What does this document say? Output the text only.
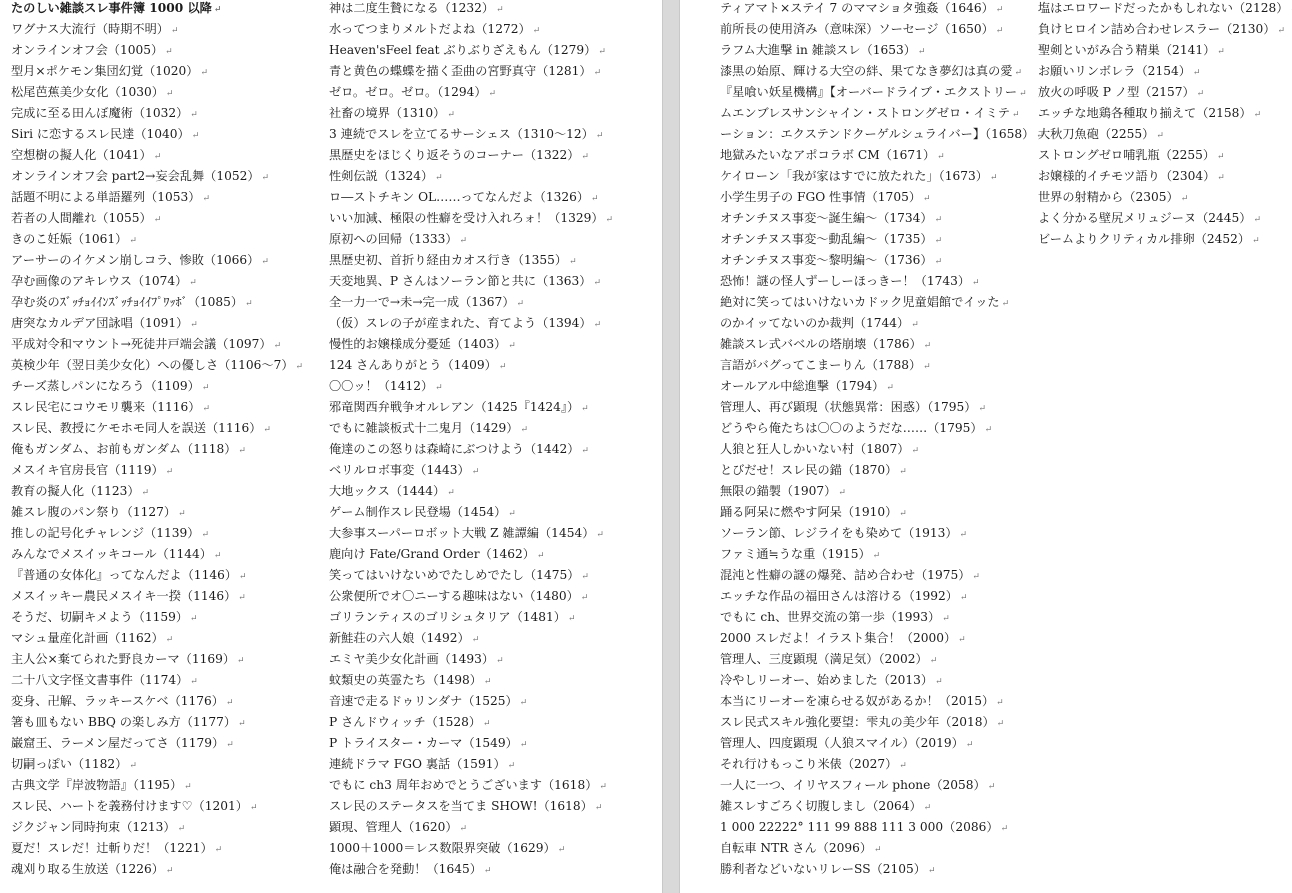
たのしい雑談スレ事件簿 1000 以降 ↵
ワグナス大流行（時期不明） ↵
オンラインオフ会（1005） ↵
型月×ポケモン集団幻覚（1020） ↵
松尾芭蕉美少女化（1030） ↵
完成に至る田んぼ魔術（1032） ↵
Siri に恋するスレ民達（1040） ↵
空想樹の擬人化（1041） ↵
オンラインオフ会 part2→妄会乱舞（1052） ↵
話題不明による単語羅列（1053） ↵
若者の人間離れ（1055） ↵
きのこ妊娠（1061） ↵
アーサーのイケメン崩しコラ、惨敗（1066） ↵
孕む画像のアキレウス（1074） ↵
孕む炎のｽﾞｯﾁｮｲｲﾝｽﾞｯﾁｮｲｲﾌﾟﾜｯﾎﾞ（1085） ↵
唐突なカルデア団詠唱（1091） ↵
平成対令和マウント→死徒井戸端会議（1097） ↵
英検少年（翌日美少女化）への優しさ（1106～7） ↵
チーズ蒸しパンになろう（1109） ↵
スレ民宅にコウモリ襲来（1116） ↵
スレ民、教授にケモホモ同人を誤送（1116） ↵
俺もガンダム、お前もガンダム（1118） ↵
メスイキ官房長官（1119） ↵
教育の擬人化（1123） ↵
雑スレ腹のパン祭り（1127） ↵
推しの記号化チャレンジ（1139） ↵
みんなでメスイッキコール（1144） ↵
『普通の女体化』ってなんだよ（1146） ↵
メスイッキー農民メスイキ一揆（1146） ↵
そうだ、切嗣キメよう（1159） ↵
マシュ量産化計画（1162） ↵
主人公×棄てられた野良カーマ（1169） ↵
二十八文字怪文書事件（1174） ↵
変身、卍解、ラッキースケベ（1176） ↵
箸も皿もない BBQ の楽しみ方（1177） ↵
巌窟王、ラーメン屋だってさ（1179） ↵
切嗣っぽい（1182） ↵
古典文学『岸波物語』（1195） ↵
スレ民、ハートを義務付けます♡（1201） ↵
ジクジャン同時拘束（1213） ↵
夏だ！スレだ！辻斬りだ！（1221） ↵
魂刈り取る生放送（1226） ↵
神は二度生贄になる（1232） ↵
水ってつまりメルトだよね（1272） ↵
Heaven'sFeel feat ぶりぶりざえもん（1279） ↵
青と黄色の蝶蝶を描く歪曲の宮野真守（1281） ↵
ゼロ。ゼロ。ゼロ。（1294） ↵
社畜の境界（1310） ↵
3 連続でスレを立てるサーシェス（1310～12） ↵
黒歴史をほじくり返そうのコーナー（1322） ↵
性剣伝説（1324） ↵
ロ―ストチキン OL……ってなんだよ（1326） ↵
いい加減、極限の性癖を受け入れろォ！（1329） ↵
原初への回帰（1333） ↵
黒歴史初、首折り経由カオス行き（1355） ↵
天変地異、P さんはソーラン節と共に（1363） ↵
全一力一で→未→完一成（1367） ↵
（仮）スレの子が産まれた、育てよう（1394） ↵
慢性的お嬢様成分憂延（1403） ↵
124 さんありがとう（1409） ↵
〇〇ッ！（1412） ↵
邪竜関西弁戦争オルレアン（1425『1424』） ↵
でもに雑談板式十二鬼月（1429） ↵
俺達のこの怒りは森崎にぶつけよう（1442） ↵
ベリルロボ事変（1443） ↵
大地ックス（1444） ↵
ゲーム制作スレ民登場（1454） ↵
大参事スーパーロボット大戦 Z 雑譚編（1454） ↵
鹿向け Fate/Grand Order（1462） ↵
笑ってはいけないめでたしめでたし（1475） ↵
公衆便所でオ〇ニーする趣味はない（1480） ↵
ゴリランティスのゴリシュタリア（1481） ↵
新鮭荘の六人娘（1492） ↵
エミヤ美少女化計画（1493） ↵
蚊類史の英霊たち（1498） ↵
音速で走るドゥリンダナ（1525） ↵
P さんドウィッチ（1528） ↵
P トライスター・カーマ（1549） ↵
連続ドラマ FGO 裏話（1591） ↵
でもに ch3 周年おめでとうございます（1618） ↵
スレ民のステータスを当てま SHOW!（1618） ↵
顕現、管理人（1620） ↵
1000＋1000＝レス数限界突破（1629） ↵
俺は融合を発動！（1645） ↵
ティアマト×ステイ 7 のママショタ強姦（1646） ↵
前所長の使用済み（意味深）ソーセージ（1650） ↵
ラフム大進撃 in 雑談スレ（1653） ↵
漆黒の始原、輝ける大空の絆、果てなき夢幻は真の愛 ↵
『星喰い妖星機構』【オーバードライブ・エクストリー ↵
ムエンブレスサンシャイン・ストロングゼロ・イミテ ↵
ーション：エクステンドクーゲルシュライバー】（1658） ↵
地獄みたいなアポコラボ CM（1671） ↵
ケイローン「我が家はすでに放たれた」（1673） ↵
小学生男子の FGO 性事情（1705） ↵
オチンチヌス事変～誕生編～（1734） ↵
オチンチヌス事変～動乱編～（1735） ↵
オチンチヌス事変～黎明編～（1736） ↵
恐怖！謎の怪人ずーしーほっきー！（1743） ↵
絶対に笑ってはいけないカドック児童娼館でイッた ↵
のかイッてないのか裁判（1744） ↵
雑談スレ式バベルの塔崩壊（1786） ↵
言語がバグってこまーりん（1788） ↵
オールアル中総進撃（1794） ↵
管理人、再び顕現（状態異常：困惑）（1795） ↵
どうやら俺たちは〇〇のようだな……（1795） ↵
人狼と狂人しかいない村（1807） ↵
とびだせ！スレ民の錨（1870） ↵
無限の錨製（1907） ↵
踊る阿呆に燃やす阿呆（1910） ↵
ソーラン節、レジライをも染めて（1913） ↵
ファミ通≒うな重（1915） ↵
混沌と性癖の謎の爆発、詰め合わせ（1975） ↵
エッチな作品の福田さんは溶ける（1992） ↵
でもに ch、世界交流の第一歩（1993） ↵
2000 スレだよ！イラスト集合！（2000） ↵
管理人、三度顕現（満足気）（2002） ↵
冷やしリーオー、始めました（2013） ↵
本当にリーオーを凍らせる奴があるか！（2015） ↵
スレ民式スキル強化要望：雫丸の美少年（2018） ↵
管理人、四度顕現（人狼スマイル）（2019） ↵
それ行けもっこり米俵（2027） ↵
一人に一つ、イリヤスフィール phone（2058） ↵
雑スレすごろく切腹しまし（2064） ↵
1 000 22222° 111 99 888 111 3 000（2086） ↵
自転車 NTR さん（2096） ↵
勝利者などいないリレーSS（2105） ↵
塩はエロワードだったかもしれない（2128） ↵
負けヒロイン詰め合わせレスラー（2130） ↵
聖剣といがみ合う精巣（2141） ↵
お願いリンボレラ（2154） ↵
放火の呼吸 P ノ型（2157） ↵
エッチな地鶏各種取り揃えて（2158） ↵
大秋刀魚砲（2255） ↵
ストロングゼロ哺乳瓶（2255） ↵
お嬢様的イチモツ語り（2304） ↵
世界の射精から（2305） ↵
よく分かる壁尻メリュジーヌ（2445） ↵
ビームよりクリティカル排卵（2452） ↵
